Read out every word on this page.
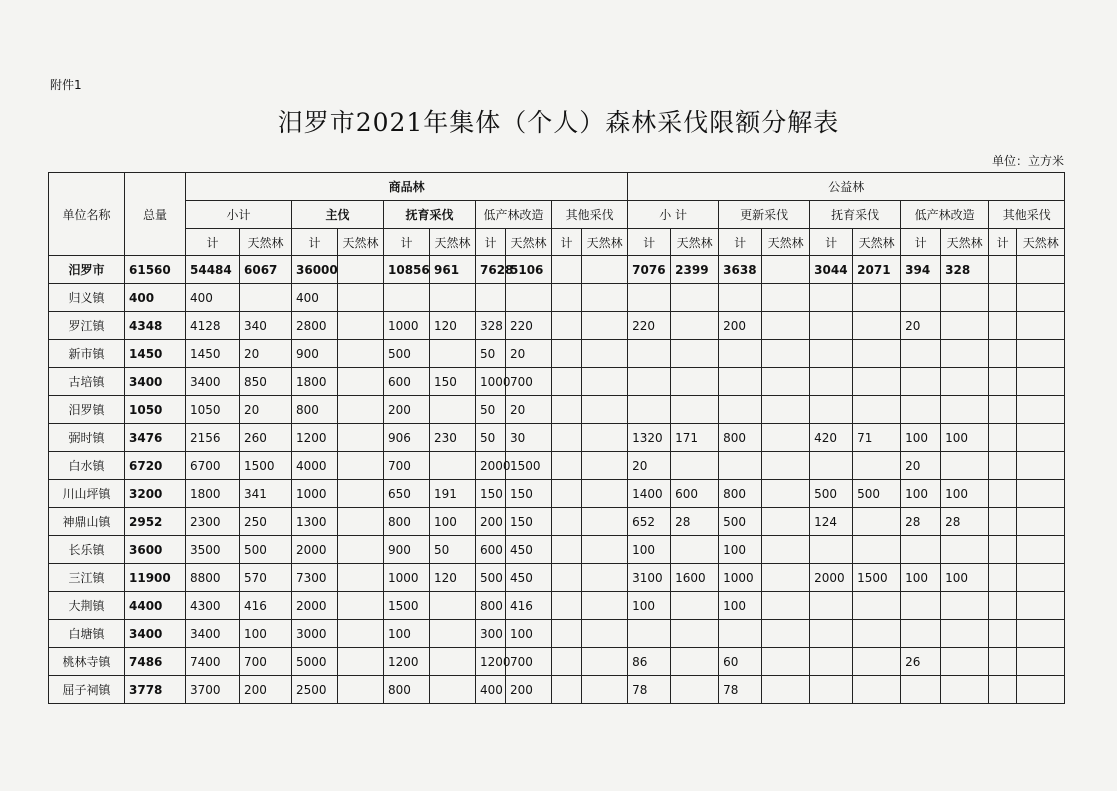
附件1
汨罗市2021年集体（个人）森林采伐限额分解表
单位：立方米
单位名称	总量	商品林										公益林									
		小计		主伐		抚育采伐		低产林改造		其他采伐		小 计		更新采伐		抚育采伐		低产林改造		其他采伐	
		计	天然林	计	天然林	计	天然林	计	天然林	计	天然林	计	天然林	计	天然林	计	天然林	计	天然林	计	天然林
汨罗市	61560	54484	6067	36000		10856	961	7628	5106			7076	2399	3638		3044	2071	394	328		
归义镇	400	400		400																	
罗江镇	4348	4128	340	2800		1000	120	328	220			220		200				20			
新市镇	1450	1450	20	900		500		50	20												
古培镇	3400	3400	850	1800		600	150	1000	700												
汨罗镇	1050	1050	20	800		200		50	20												
弼时镇	3476	2156	260	1200		906	230	50	30			1320	171	800		420	71	100	100		
白水镇	6720	6700	1500	4000		700		2000	1500			20						20			
川山坪镇	3200	1800	341	1000		650	191	150	150			1400	600	800		500	500	100	100		
神鼎山镇	2952	2300	250	1300		800	100	200	150			652	28	500		124		28	28		
长乐镇	3600	3500	500	2000		900	50	600	450			100		100							
三江镇	11900	8800	570	7300		1000	120	500	450			3100	1600	1000		2000	1500	100	100		
大荆镇	4400	4300	416	2000		1500		800	416			100		100							
白塘镇	3400	3400	100	3000		100		300	100												
桃林寺镇	7486	7400	700	5000		1200		1200	700			86		60				26			
屈子祠镇	3778	3700	200	2500		800		400	200			78		78							
